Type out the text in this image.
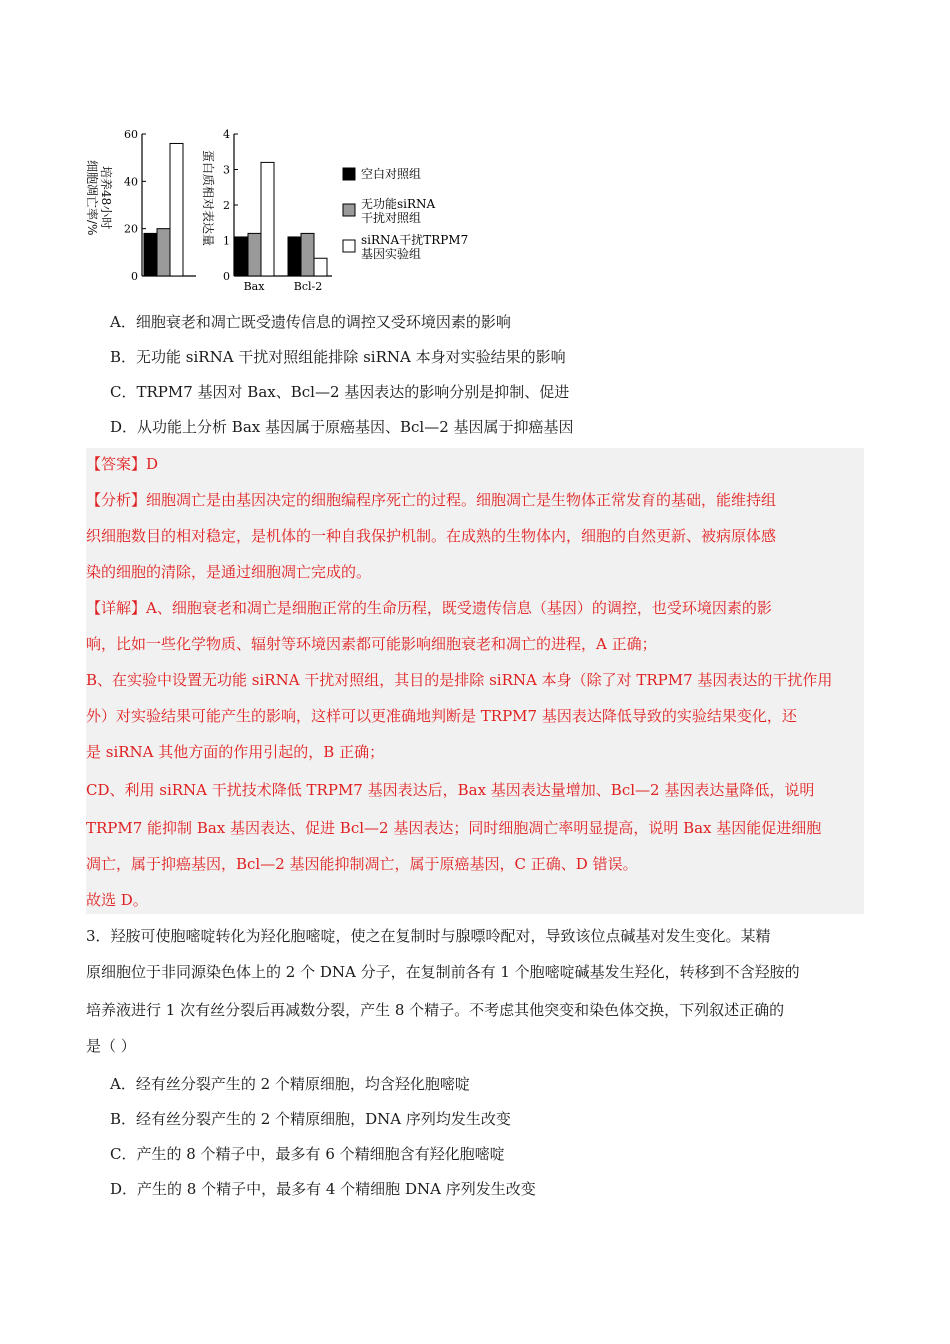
培养48小时
细胞凋亡率/%	蛋白质相对表达量
Bax	Bcl-2
60
40
20
0
4
3
2
1
0
空白对照组
无功能siRNA
干扰对照组
siRNA干扰TRPM7
基因实验组
A．细胞衰老和凋亡既受遗传信息的调控又受环境因素的影响
B．无功能 siRNA 干扰对照组能排除 siRNA 本身对实验结果的影响
C．TRPM7 基因对 Bax、Bcl—2 基因表达的影响分别是抑制、促进
D．从功能上分析 Bax 基因属于原癌基因、Bcl—2 基因属于抑癌基因
【答案】D
【分析】细胞凋亡是由基因决定的细胞编程序死亡的过程。细胞凋亡是生物体正常发育的基础，能维持组
织细胞数目的相对稳定，是机体的一种自我保护机制。在成熟的生物体内，细胞的自然更新、被病原体感
染的细胞的清除，是通过细胞凋亡完成的。
【详解】A、细胞衰老和凋亡是细胞正常的生命历程，既受遗传信息（基因）的调控，也受环境因素的影
响，比如一些化学物质、辐射等环境因素都可能影响细胞衰老和凋亡的进程，A 正确；
B、在实验中设置无功能 siRNA 干扰对照组，其目的是排除 siRNA 本身（除了对 TRPM7 基因表达的干扰作用
外）对实验结果可能产生的影响，这样可以更准确地判断是 TRPM7 基因表达降低导致的实验结果变化，还
是 siRNA 其他方面的作用引起的，B 正确；
CD、利用 siRNA 干扰技术降低 TRPM7 基因表达后，Bax 基因表达量增加、Bcl—2 基因表达量降低，说明
TRPM7 能抑制 Bax 基因表达、促进 Bcl—2 基因表达；同时细胞凋亡率明显提高，说明 Bax 基因能促进细胞
凋亡，属于抑癌基因，Bcl—2 基因能抑制凋亡，属于原癌基因，C 正确、D 错误。
故选 D。
3．羟胺可使胞嘧啶转化为羟化胞嘧啶，使之在复制时与腺嘌呤配对，导致该位点碱基对发生变化。某精
原细胞位于非同源染色体上的 2 个 DNA 分子，在复制前各有 1 个胞嘧啶碱基发生羟化，转移到不含羟胺的
培养液进行 1 次有丝分裂后再减数分裂，产生 8 个精子。不考虑其他突变和染色体交换，下列叙述正确的
是（ ）
A．经有丝分裂产生的 2 个精原细胞，均含羟化胞嘧啶
B．经有丝分裂产生的 2 个精原细胞，DNA 序列均发生改变
C．产生的 8 个精子中，最多有 6 个精细胞含有羟化胞嘧啶
D．产生的 8 个精子中，最多有 4 个精细胞 DNA 序列发生改变
